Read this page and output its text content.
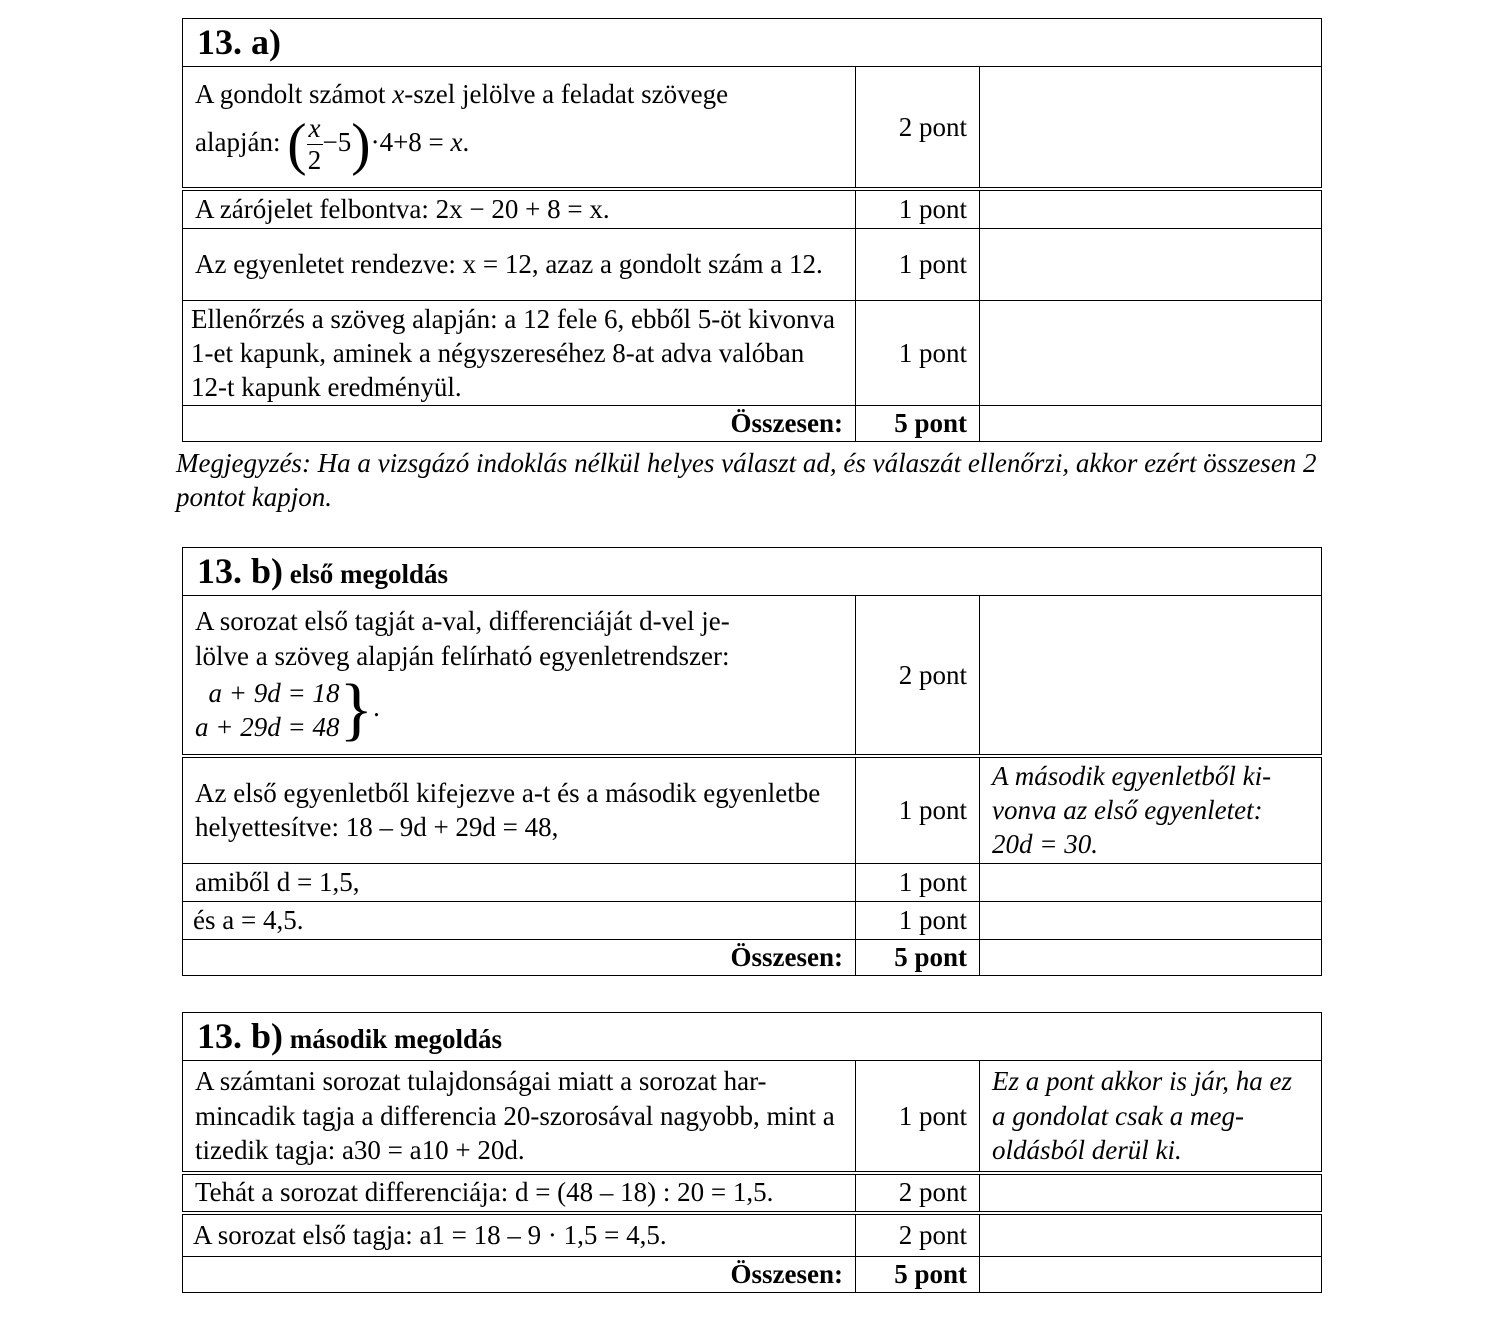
13. a)		

A gondolt számot x-szel jelölve a feladat szövege
alapján: ( $\frac{x}{2} -5)\cdot 4+8 = x$.	2 pont	
A zárójelet felbontva: 2x − 20 + 8 = x.	1 pont	
Az egyenletet rendezve: x = 12, azaz a gondolt szám a 12.	1 pont	
Ellenőrzés a szöveg alapján: a 12 fele 6, ebből 5-öt kivonva 1-et kapunk, aminek a négyszereséhez 8-at adva valóban 12-t kapunk eredményül.	1 pont	
Összesen:	5 pont	
Megjegyzés: Ha a vizsgázó indoklás nélkül helyes választ ad, és válaszát ellenőrzi, akkor ezért összesen 2 pontot kapjon.
13. b) első megoldás		

A sorozat első tagját a-val, differenciáját d-vel je-
lölve a szöveg alapján felírható egyenletrendszer:
a + 9d = 18
a + 29d = 48 }.	2 pont	
Az első egyenletből kifejezve a-t és a második egyenletbe helyettesítve: 18 – 9d + 29d = 48,	1 pont	A második egyenletből ki-vonva az első egyenletet: 20d = 30.
amiből d = 1,5,	1 pont	
és a = 4,5.	1 pont	
Összesen:	5 pont	
13. b) második megoldás		
A számtani sorozat tulajdonságai miatt a sorozat har-mincadik tagja a differencia 20-szorosával nagyobb, mint a tizedik tagja: a30 = a10 + 20d.	1 pont	Ez a pont akkor is jár, ha ez a gondolat csak a meg-oldásból derül ki.
Tehát a sorozat differenciája: d = (48 – 18) : 20 = 1,5.	2 pont	
A sorozat első tagja: a1 = 18 – 9 · 1,5 = 4,5.	2 pont	
Összesen:	5 pont	
